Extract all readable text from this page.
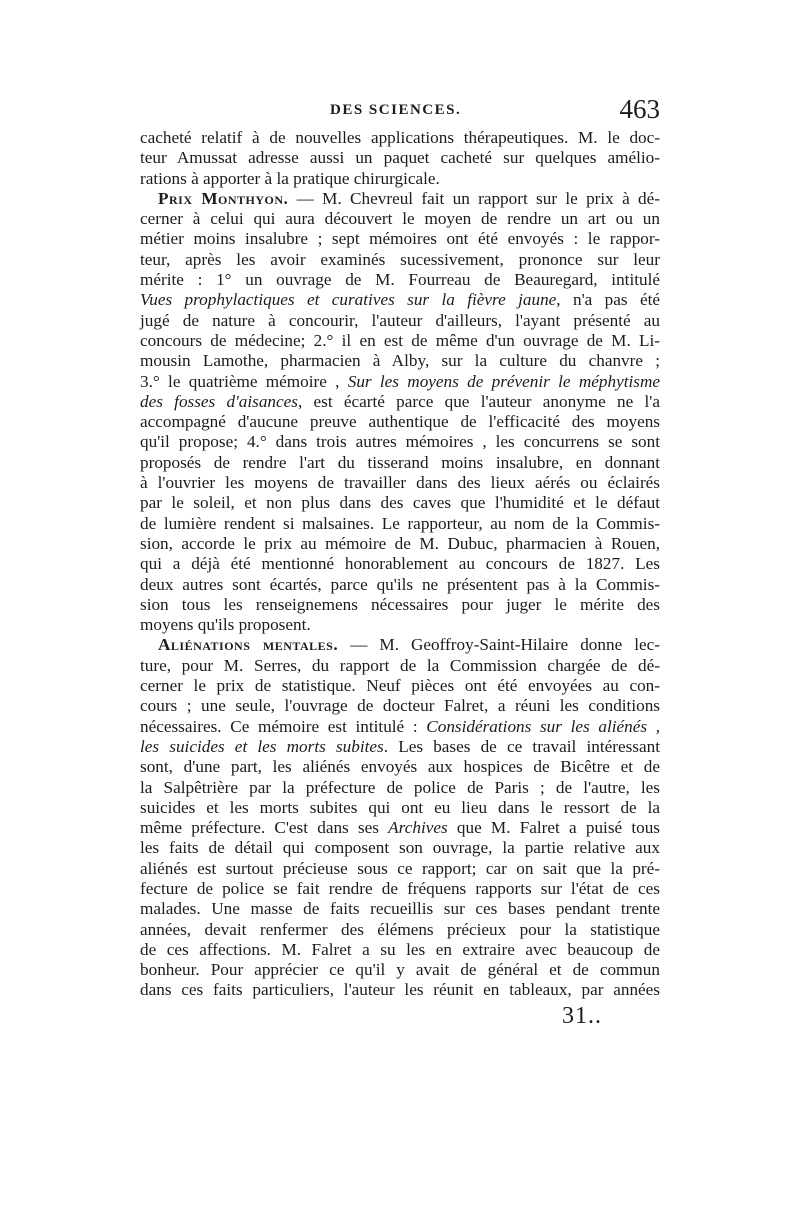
DES SCIENCES.	463
cacheté relatif à de nouvelles applications thérapeutiques. M. le doc-
teur Amussat adresse aussi un paquet cacheté sur quelques amélio-
rations à apporter à la pratique chirurgicale.
Prix Monthyon. — M. Chevreul fait un rapport sur le prix à dé-
cerner à celui qui aura découvert le moyen de rendre un art ou un
métier moins insalubre ; sept mémoires ont été envoyés : le rappor-
teur, après les avoir examinés sucessivement, prononce sur leur
mérite : 1° un ouvrage de M. Fourreau de Beauregard, intitulé
Vues prophylactiques et curatives sur la fièvre jaune, n'a pas été
jugé de nature à concourir, l'auteur d'ailleurs, l'ayant présenté au
concours de médecine; 2.° il en est de même d'un ouvrage de M. Li-
mousin Lamothe, pharmacien à Alby, sur la culture du chanvre ;
3.° le quatrième mémoire , Sur les moyens de prévenir le méphytisme
des fosses d'aisances, est écarté parce que l'auteur anonyme ne l'a
accompagné d'aucune preuve authentique de l'efficacité des moyens
qu'il propose; 4.° dans trois autres mémoires , les concurrens se sont
proposés de rendre l'art du tisserand moins insalubre, en donnant
à l'ouvrier les moyens de travailler dans des lieux aérés ou éclairés
par le soleil, et non plus dans des caves que l'humidité et le défaut
de lumière rendent si malsaines. Le rapporteur, au nom de la Commis-
sion, accorde le prix au mémoire de M. Dubuc, pharmacien à Rouen,
qui a déjà été mentionné honorablement au concours de 1827. Les
deux autres sont écartés, parce qu'ils ne présentent pas à la Commis-
sion tous les renseignemens nécessaires pour juger le mérite des
moyens qu'ils proposent.
Aliénations mentales. — M. Geoffroy-Saint-Hilaire donne lec-
ture, pour M. Serres, du rapport de la Commission chargée de dé-
cerner le prix de statistique. Neuf pièces ont été envoyées au con-
cours ; une seule, l'ouvrage de docteur Falret, a réuni les conditions
nécessaires. Ce mémoire est intitulé : Considérations sur les aliénés ,
les suicides et les morts subites. Les bases de ce travail intéressant
sont, d'une part, les aliénés envoyés aux hospices de Bicêtre et de
la Salpêtrière par la préfecture de police de Paris ; de l'autre, les
suicides et les morts subites qui ont eu lieu dans le ressort de la
même préfecture. C'est dans ses Archives que M. Falret a puisé tous
les faits de détail qui composent son ouvrage, la partie relative aux
aliénés est surtout précieuse sous ce rapport; car on sait que la pré-
fecture de police se fait rendre de fréquens rapports sur l'état de ces
malades. Une masse de faits recueillis sur ces bases pendant trente
années, devait renfermer des élémens précieux pour la statistique
de ces affections. M. Falret a su les en extraire avec beaucoup de
bonheur. Pour apprécier ce qu'il y avait de général et de commun
dans ces faits particuliers, l'auteur les réunit en tableaux, par années
31..
